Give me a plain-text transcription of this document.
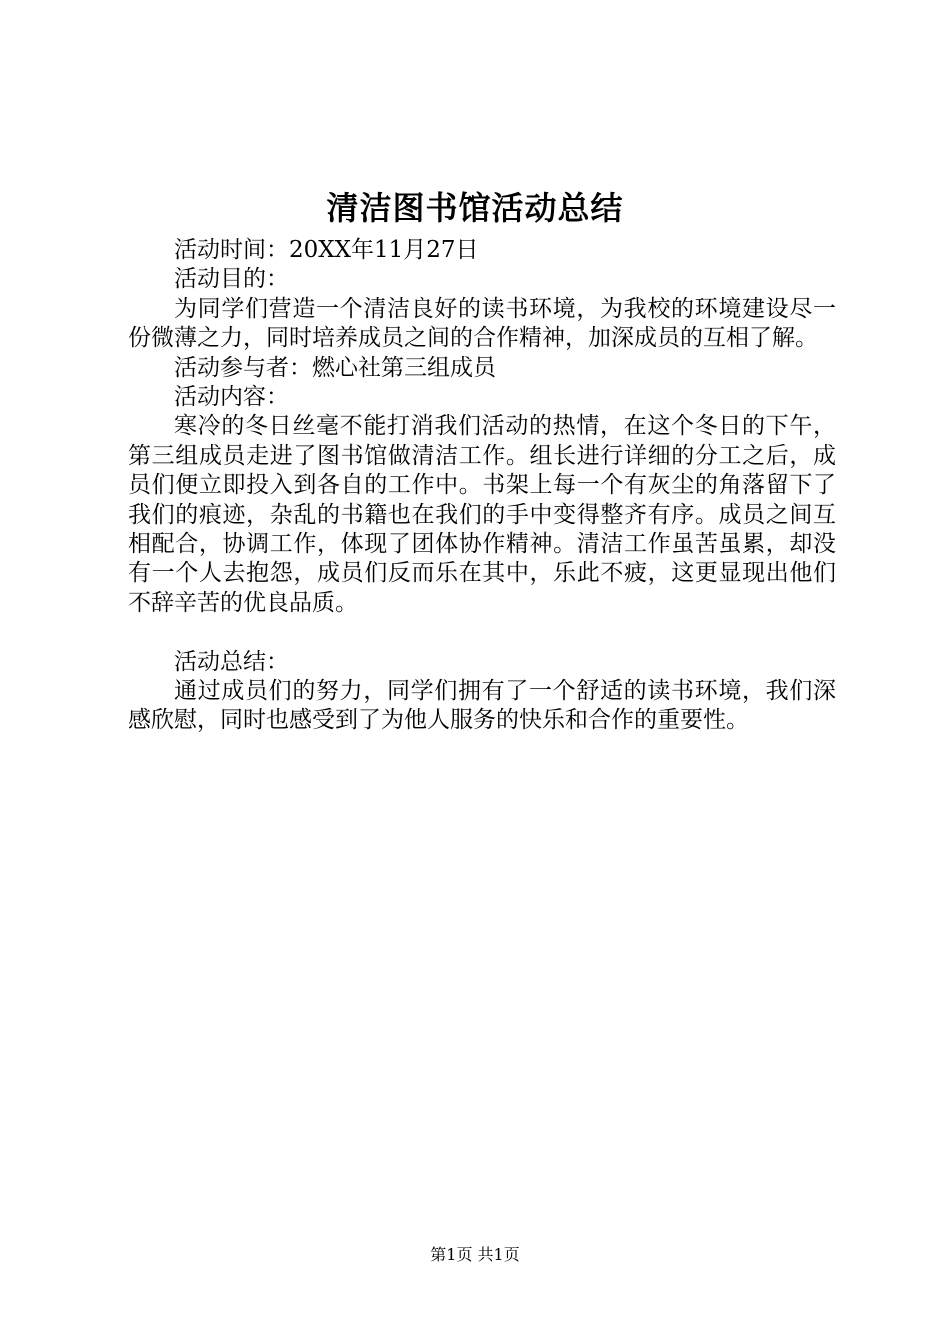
清洁图书馆活动总结

活动时间：20XX年11月27日

活动目的：

为同学们营造一个清洁良好的读书环境，为我校的环境建设尽一份微薄之力，同时培养成员之间的合作精神，加深成员的互相了解。

活动参与者：燃心社第三组成员

活动内容：

寒冷的冬日丝毫不能打消我们活动的热情，在这个冬日的下午，第三组成员走进了图书馆做清洁工作。组长进行详细的分工之后，成员们便立即投入到各自的工作中。书架上每一个有灰尘的角落留下了我们的痕迹，杂乱的书籍也在我们的手中变得整齐有序。成员之间互相配合，协调工作，体现了团体协作精神。清洁工作虽苦虽累，却没有一个人去抱怨，成员们反而乐在其中，乐此不疲，这更显现出他们不辞辛苦的优良品质。

活动总结：

通过成员们的努力，同学们拥有了一个舒适的读书环境，我们深感欣慰，同时也感受到了为他人服务的快乐和合作的重要性。

第1页 共1页
